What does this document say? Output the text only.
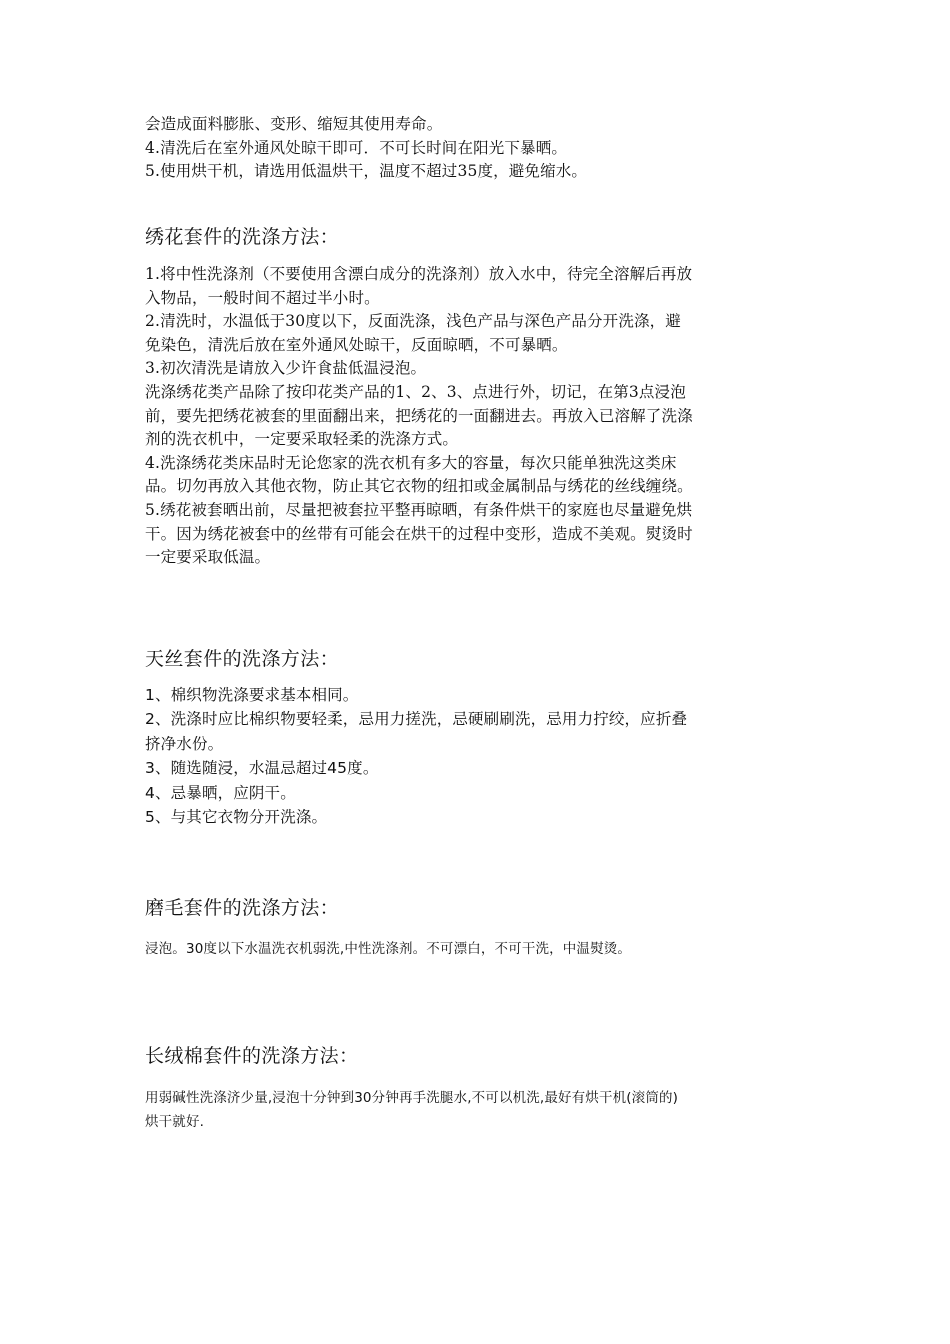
会造成面料膨胀、变形、缩短其使用寿命。
4.清洗后在室外通风处晾干即可．不可长时间在阳光下暴晒。
5.使用烘干机，请选用低温烘干，温度不超过35度，避免缩水。
绣花套件的洗涤方法：
1.将中性洗涤剂（不要使用含漂白成分的洗涤剂）放入水中，待完全溶解后再放
入物品，一般时间不超过半小时。
2.清洗时，水温低于30度以下，反面洗涤，浅色产品与深色产品分开洗涤，避
免染色，清洗后放在室外通风处晾干，反面晾晒，不可暴晒。
3.初次清洗是请放入少许食盐低温浸泡。
洗涤绣花类产品除了按印花类产品的1、2、3、点进行外，切记，在第3点浸泡
前，要先把绣花被套的里面翻出来，把绣花的一面翻进去。再放入已溶解了洗涤
剂的洗衣机中，一定要采取轻柔的洗涤方式。
4.洗涤绣花类床品时无论您家的洗衣机有多大的容量，每次只能单独洗这类床
品。切勿再放入其他衣物，防止其它衣物的纽扣或金属制品与绣花的丝线缠绕。
5.绣花被套晒出前，尽量把被套拉平整再晾晒，有条件烘干的家庭也尽量避免烘
干。因为绣花被套中的丝带有可能会在烘干的过程中变形，造成不美观。熨烫时
一定要采取低温。
天丝套件的洗涤方法：
1、棉织物洗涤要求基本相同。
2、洗涤时应比棉织物要轻柔，忌用力搓洗，忌硬刷刷洗，忌用力拧绞，应折叠
挤净水份。
3、随选随浸，水温忌超过45度。
4、忌暴晒，应阴干。
5、与其它衣物分开洗涤。
磨毛套件的洗涤方法：
浸泡。30度以下水温洗衣机弱洗,中性洗涤剂。不可漂白，不可干洗，中温熨烫。
长绒棉套件的洗涤方法：
用弱碱性洗涤济少量,浸泡十分钟到30分钟再手洗腿水,不可以机洗,最好有烘干机(滚筒的)
烘干就好.
